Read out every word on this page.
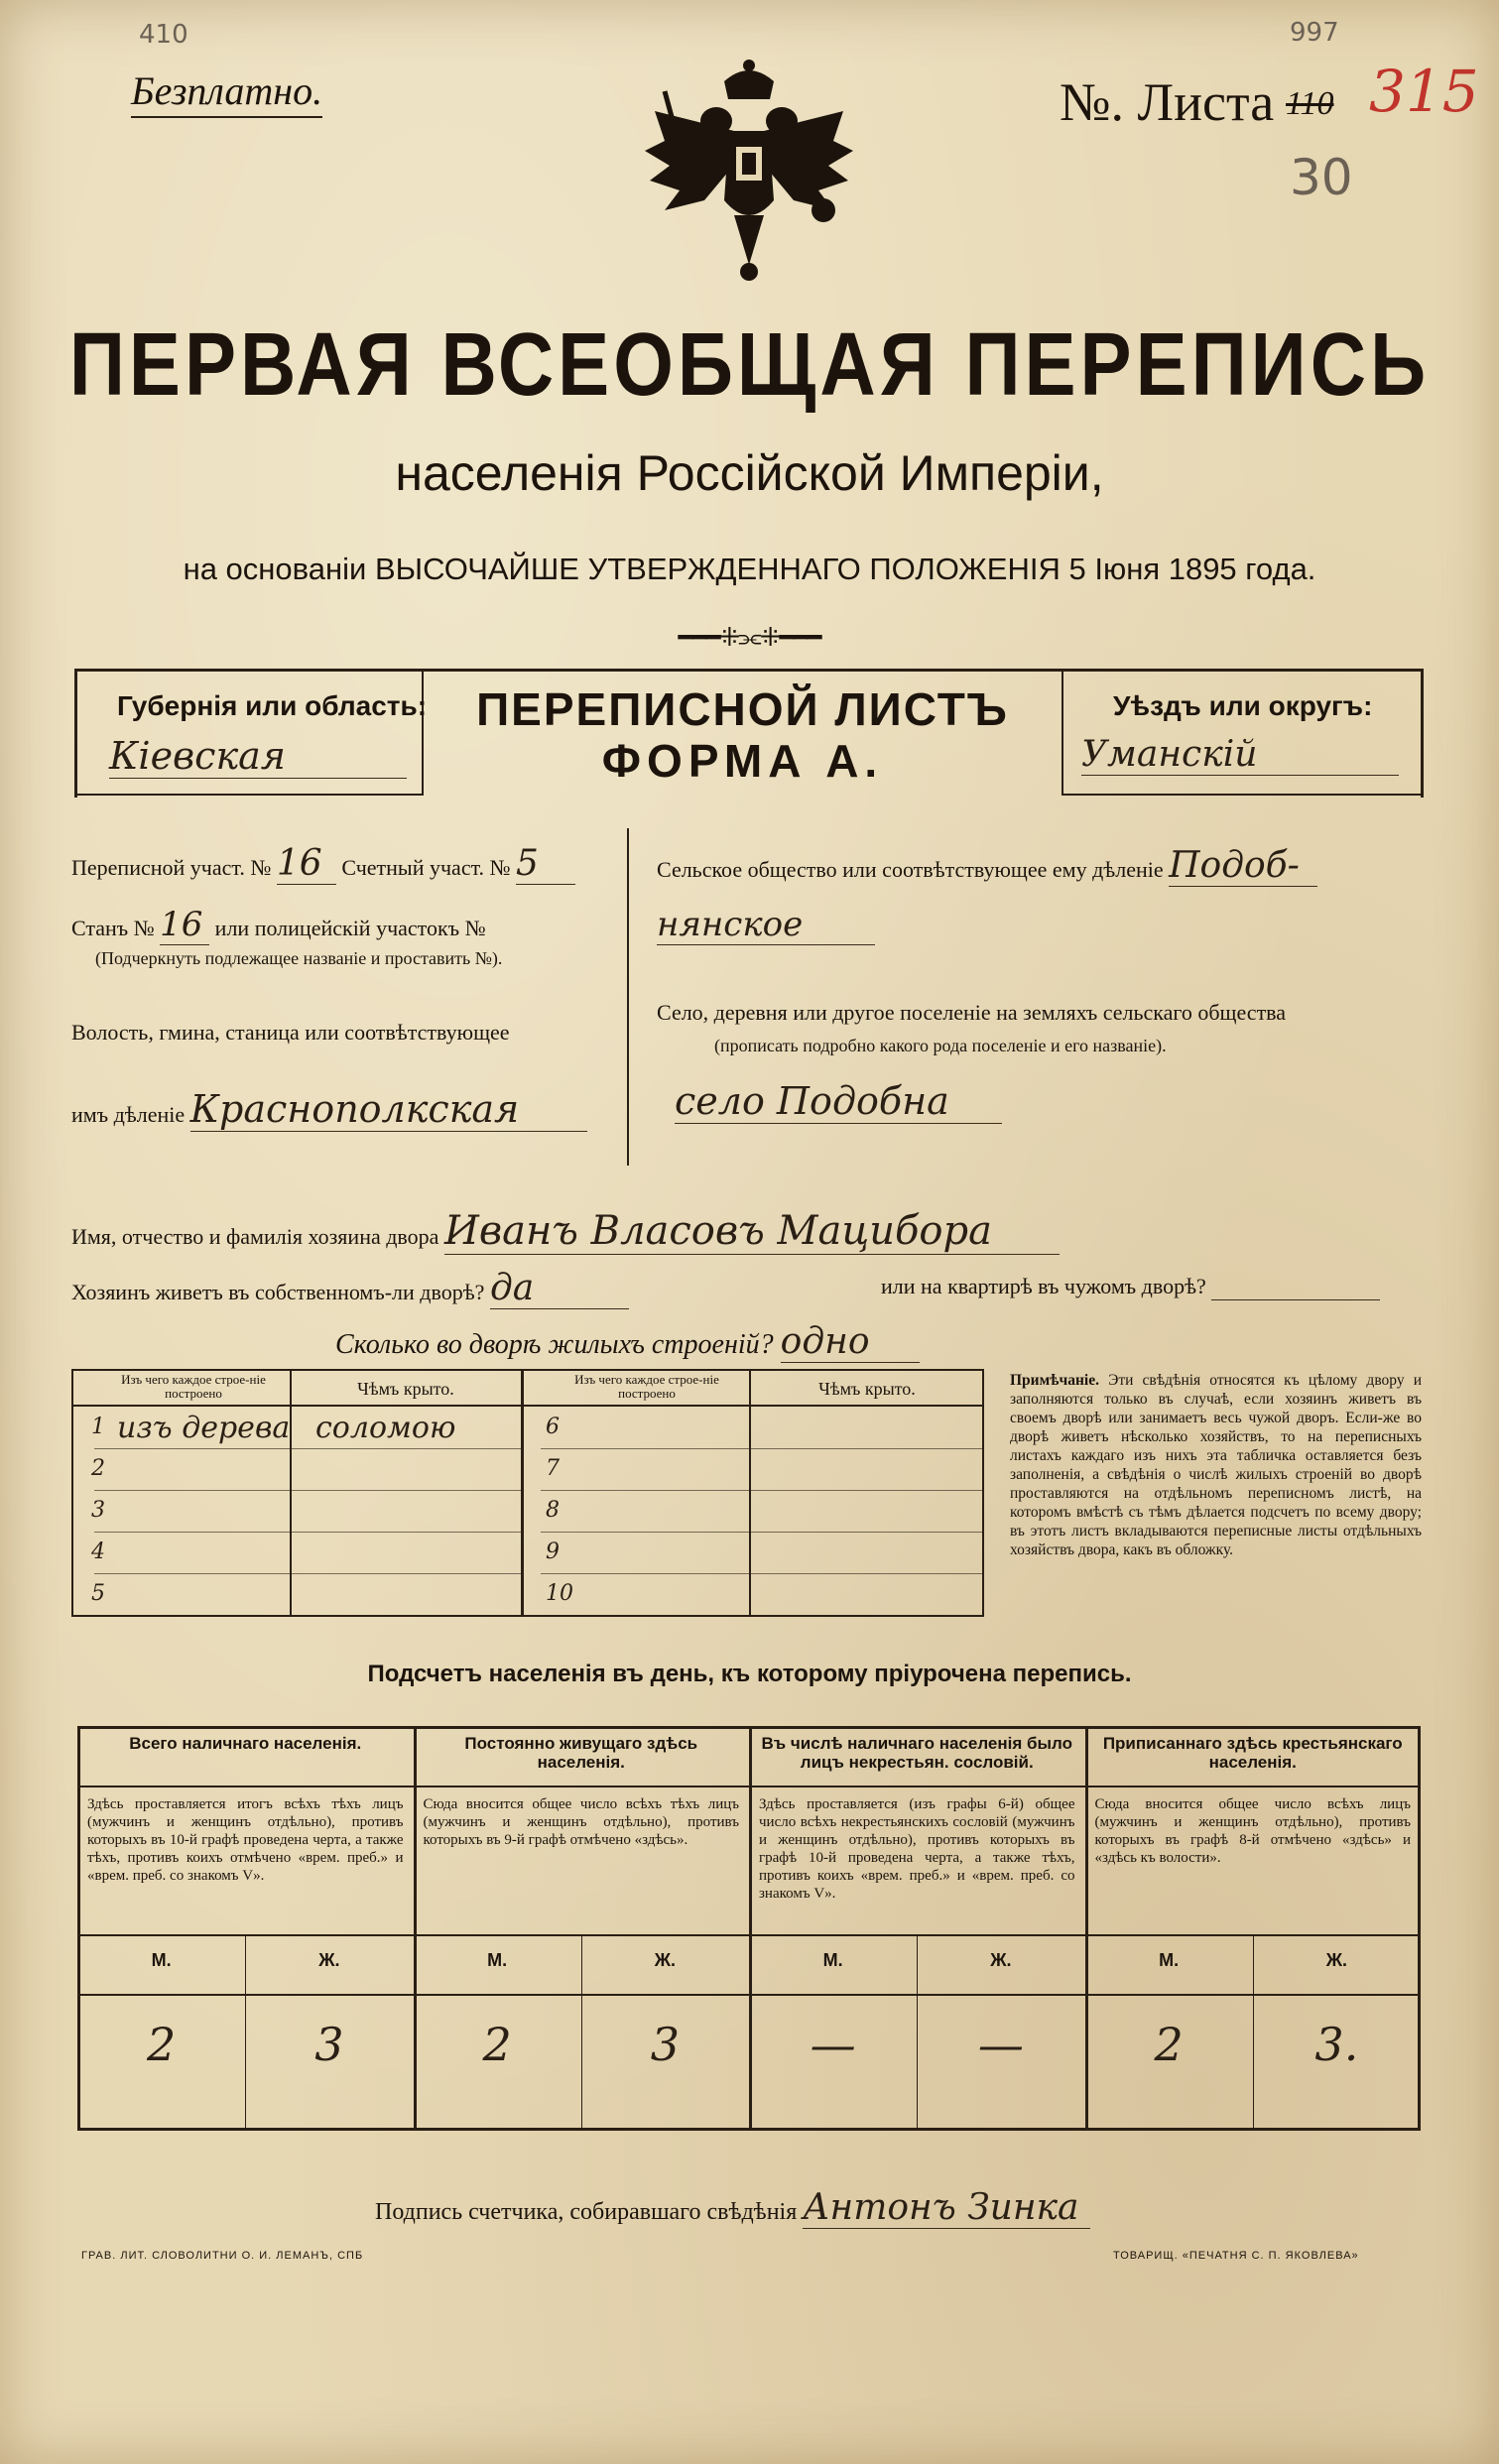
410	997
Безплатно.	№. Листа 110 315
30
ПЕРВАЯ ВСЕОБЩАЯ ПЕРЕПИСЬ
населенія Россійской Имперіи,
на основаніи ВЫСОЧАЙШЕ УТВЕРЖДЕННАГО ПОЛОЖЕНІЯ 5 Іюня 1895 года.
━━━⁜⫘⁜━━━
Губернія или область:
Кіевская
ПЕРЕПИСНОЙ ЛИСТЪ
ФОРМА А.
Уѣздъ или округъ:
Уманскій
Переписной участ. № 16 Счетный участ. № 5
Станъ № 16 или полицейскій участокъ №
(Подчеркнуть подлежащее названіе и проставить №).
Волость, гмина, станица или соотвѣтствующее
имъ дѣленіе Краснополкская
Сельское общество или соотвѣтствующее ему дѣленіе Подоб-
нянское
Село, деревня или другое поселеніе на земляхъ сельскаго общества
(прописать подробно какого рода поселеніе и его названіе).
село Подобна
Имя, отчество и фамилія хозяина двора Иванъ Власовъ Мацибора
Хозяинъ живетъ въ собственномъ-ли дворѣ? да	или на квартирѣ въ чужомъ дворѣ?
Сколько во дворѣ жилыхъ строеній? одно
Изъ чего каждое строе-ніе построено	Чѣмъ крыто.	Изъ чего каждое строе-ніе построено	Чѣмъ крыто.	Примѣчаніе. Эти свѣдѣнія относятся къ цѣлому двору и заполняются только въ случаѣ, если хозяинъ живетъ въ своемъ дворѣ или занимаетъ весь чужой дворъ. Если-же во дворѣ живетъ нѣсколько хозяйствъ, то на переписныхъ листахъ каждаго изъ нихъ эта табличка оставляется безъ заполненія, а свѣдѣнія о числѣ жилыхъ строеній во дворѣ проставляются на отдѣльномъ переписномъ листѣ, на которомъ вмѣстѣ съ тѣмъ дѣлается подсчетъ по всему двору; въ этотъ листъ вкладываются переписные листы отдѣльныхъ хозяйствъ двора, какъ въ обложку.
Подсчетъ населенія въ день, къ которому пріурочена перепись.
Подпись счетчика, собиравшаго свѣдѣнія Антонъ Зинка
ГРАВ. ЛИТ. СЛОВОЛИТНИ О. И. ЛЕМАНЪ, СПБ	ТОВАРИЩ. «ПЕЧАТНЯ С. П. ЯКОВЛЕВА»
1 изъ дерева соломою
2
3
4
5
6
7
8
9
10
Всего наличнаго населенія.
Здѣсь проставляется итогъ всѣхъ тѣхъ лицъ (мужчинъ и женщинъ отдѣльно), противъ которыхъ въ 10-й графѣ проведена черта, а также тѣхъ, противъ коихъ отмѣчено «врем. преб.» и «врем. преб. со знакомъ V».
М.	Ж.
2	3
Постоянно живущаго здѣсь населенія.
Сюда вносится общее число всѣхъ тѣхъ лицъ (мужчинъ и женщинъ отдѣльно), противъ которыхъ въ 9-й графѣ отмѣчено «здѣсь».
М.	Ж.
2	3
Въ числѣ наличнаго населенія было лицъ некрестьян. сословій.
Здѣсь проставляется (изъ графы 6-й) общее число всѣхъ некрестьянскихъ сословій (мужчинъ и женщинъ отдѣльно), противъ которыхъ въ графѣ 10-й проведена черта, а также тѣхъ, противъ коихъ «врем. преб.» и «врем. преб. со знакомъ V».
М.	Ж.
—	—
Приписаннаго здѣсь крестьянскаго населенія.
Сюда вносится общее число всѣхъ лицъ (мужчинъ и женщинъ отдѣльно), противъ которыхъ въ графѣ 8-й отмѣчено «здѣсь» и «здѣсь къ волости».
М.	Ж.
2	3.
